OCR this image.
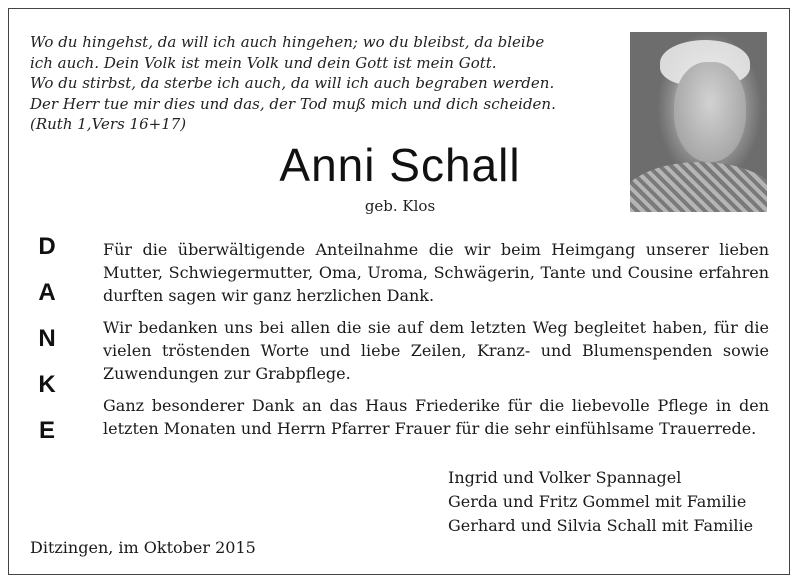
Wo du hingehst, da will ich auch hingehen; wo du bleibst, da bleibe
ich auch. Dein Volk ist mein Volk und dein Gott ist mein Gott.
Wo du stirbst, da sterbe ich auch, da will ich auch begraben werden.
Der Herr tue mir dies und das, der Tod muß mich und dich scheiden.
(Ruth 1,Vers 16+17)
Anni Schall
geb. Klos
D
A
N
K
E

Für die überwältigende Anteilnahme die wir beim Heimgang unserer lieben Mutter, Schwiegermutter, Oma, Uroma, Schwägerin, Tante und Cousine erfahren durften sagen wir ganz herzlichen Dank.

Wir bedanken uns bei allen die sie auf dem letzten Weg begleitet haben, für die vielen tröstenden Worte und liebe Zeilen, Kranz- und Blumenspenden sowie Zuwendungen zur Grabpflege.

Ganz besonderer Dank an das Haus Friederike für die liebevolle Pflege in den letzten Monaten und Herrn Pfarrer Frauer für die sehr einfühlsame Trauerrede.

Ingrid und Volker Spannagel
Gerda und Fritz Gommel mit Familie
Gerhard und Silvia Schall mit Familie
Ditzingen, im Oktober 2015
